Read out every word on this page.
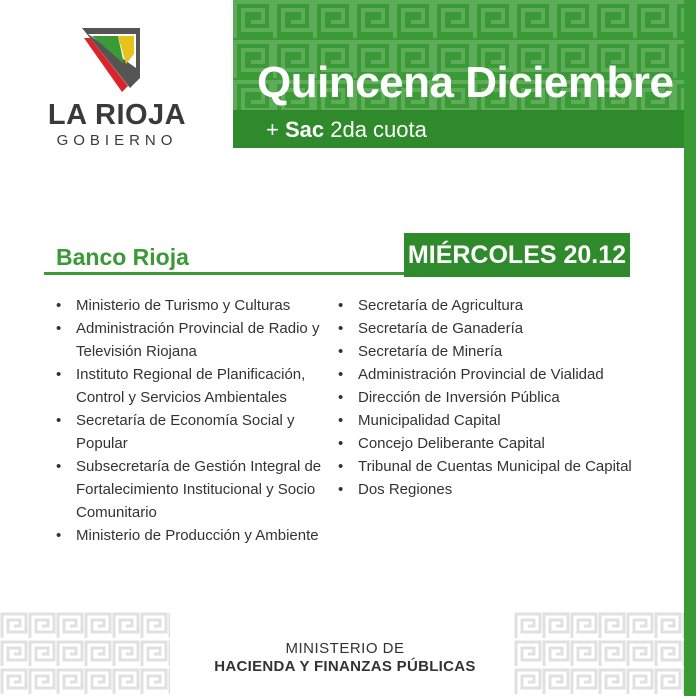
Quincena Diciembre
+ Sac 2da cuota
LA RIOJA
GOBIERNO
Banco Rioja	MIÉRCOLES 20.12
• Ministerio de Turismo y Culturas
• Administración Provincial de Radio y Televisión Riojana
• Instituto Regional de Planificación, Control y Servicios Ambientales
• Secretaría de Economía Social y Popular
• Subsecretaría de Gestión Integral de Fortalecimiento Institucional y Socio Comunitario
• Ministerio de Producción y Ambiente
• Secretaría de Agricultura
• Secretaría de Ganadería
• Secretaría de Minería
• Administración Provincial de Vialidad
• Dirección de Inversión Pública
• Municipalidad Capital
• Concejo Deliberante Capital
• Tribunal de Cuentas Municipal de Capital
• Dos Regiones
MINISTERIO DE
HACIENDA Y FINANZAS PÚBLICAS
